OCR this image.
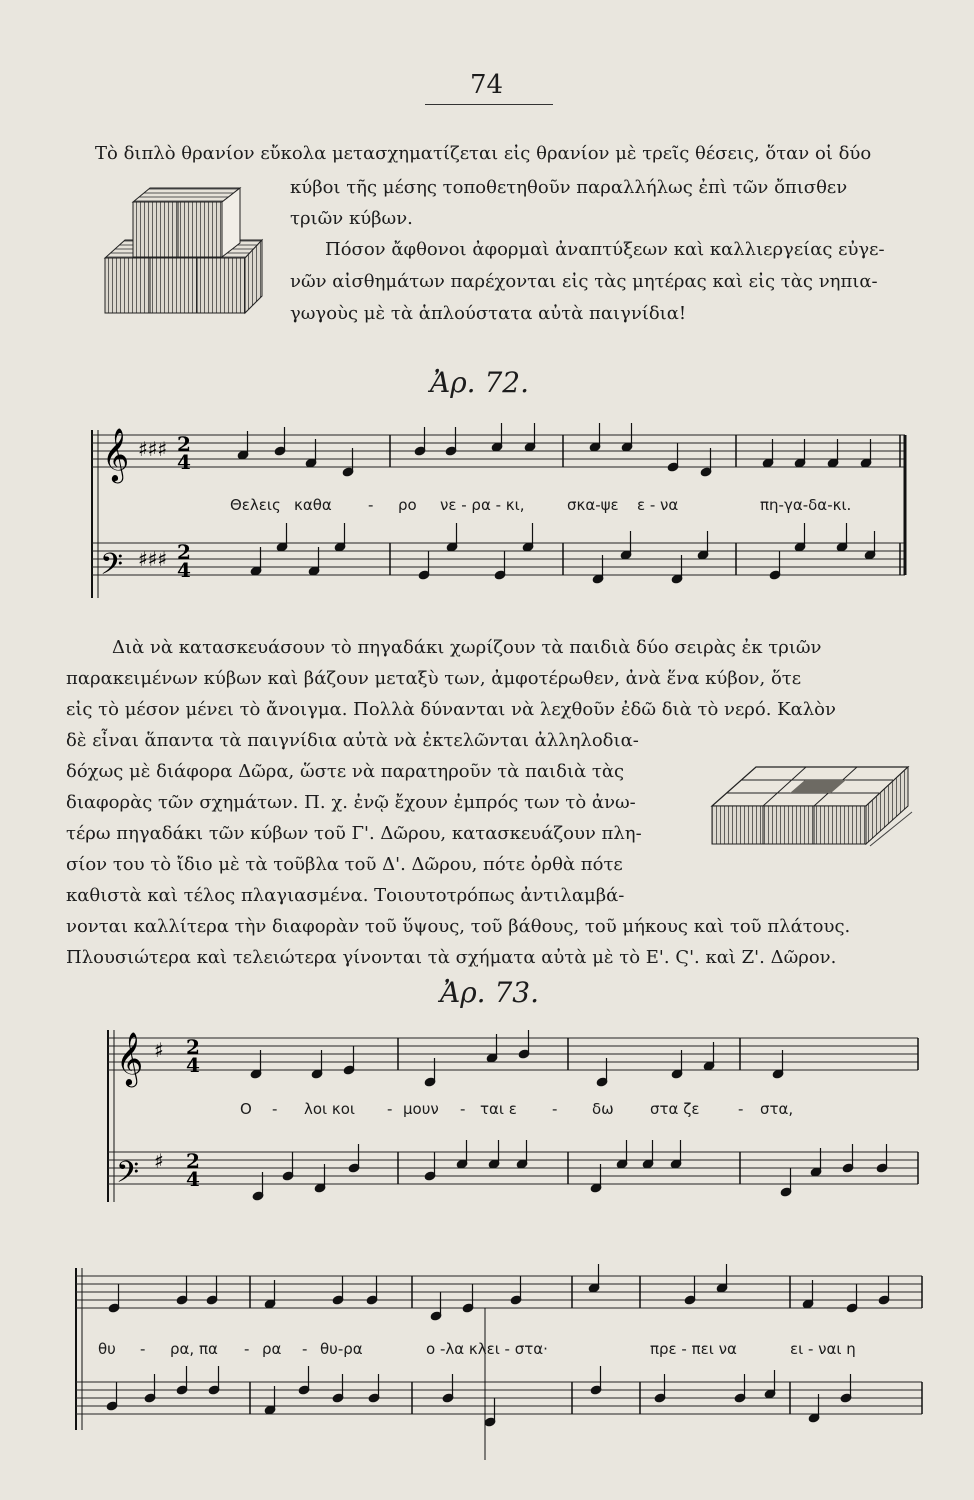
74
Τὸ διπλὸ θρανίον εὔκολα μετασχηματίζεται εἰς θρανίον μὲ τρεῖς θέσεις, ὅταν οἱ δύο
κύβοι τῆς μέσης τοποθετηθοῦν παραλλήλως ἐπὶ τῶν ὄπισθεν
τριῶν κύβων.
Πόσον ἄφθονοι ἀφορμαὶ ἀναπτύξεων καὶ καλλιεργείας εὐγε-
νῶν αἰσθημάτων παρέχονται εἰς τὰς μητέρας καὶ εἰς τὰς νηπια-
γωγοὺς μὲ τὰ ἁπλούστατα αὐτὰ παιγνίδια!
Ἀρ. 72.
𝄞 ♯♯♯
𝄢 ♯♯♯
2
4
2
4
Θελεις καθα - ρο νε - ρα - κι,	σκα-ψε ε - να	πη-γα-δα-κι.
Διὰ νὰ κατασκευάσουν τὸ πηγαδάκι χωρίζουν τὰ παιδιὰ δύο σειρὰς ἐκ τριῶν
παρακειμένων κύβων καὶ βάζουν μεταξὺ των, ἀμφοτέρωθεν, ἀνὰ ἕνα κύβον, ὅτε
εἰς τὸ μέσον μένει τὸ ἄνοιγμα. Πολλὰ δύνανται νὰ λεχθοῦν ἐδῶ διὰ τὸ νερό. Καλὸν
δὲ εἶναι ἅπαντα τὰ παιγνίδια αὐτὰ νὰ ἐκτελῶνται ἀλληλοδια-
δόχως μὲ διάφορα Δῶρα, ὥστε νὰ παρατηροῦν τὰ παιδιὰ τὰς
διαφορὰς τῶν σχημάτων. Π. χ. ἐνῷ ἔχουν ἐμπρός των τὸ ἀνω-
τέρω πηγαδάκι τῶν κύβων τοῦ Γ'. Δῶρου, κατασκευάζουν πλη-
σίον του τὸ ἴδιο μὲ τὰ τοῦβλα τοῦ Δ'. Δῶρου, πότε ὀρθὰ πότε
καθιστὰ καὶ τέλος πλαγιασμένα. Τοιουτοτρόπως ἀντιλαμβά-
νονται καλλίτερα τὴν διαφορὰν τοῦ ὕψους, τοῦ βάθους, τοῦ μήκους καὶ τοῦ πλάτους.
Πλουσιώτερα καὶ τελειώτερα γίνονται τὰ σχήματα αὐτὰ μὲ τὸ Ε'. Ϛ'. καὶ Ζ'. Δῶρον.
Ἀρ. 73.
𝄞 ♯
𝄢 ♯
2
4
2
4
Ο - λοι κοι - μουν - ται ε - δω στα ζε	- στα,
θυ - ρα, πα - ρα - θυ-ρα	ο -λα κλει - στα·	πρε - πει να	ει - ναι η
